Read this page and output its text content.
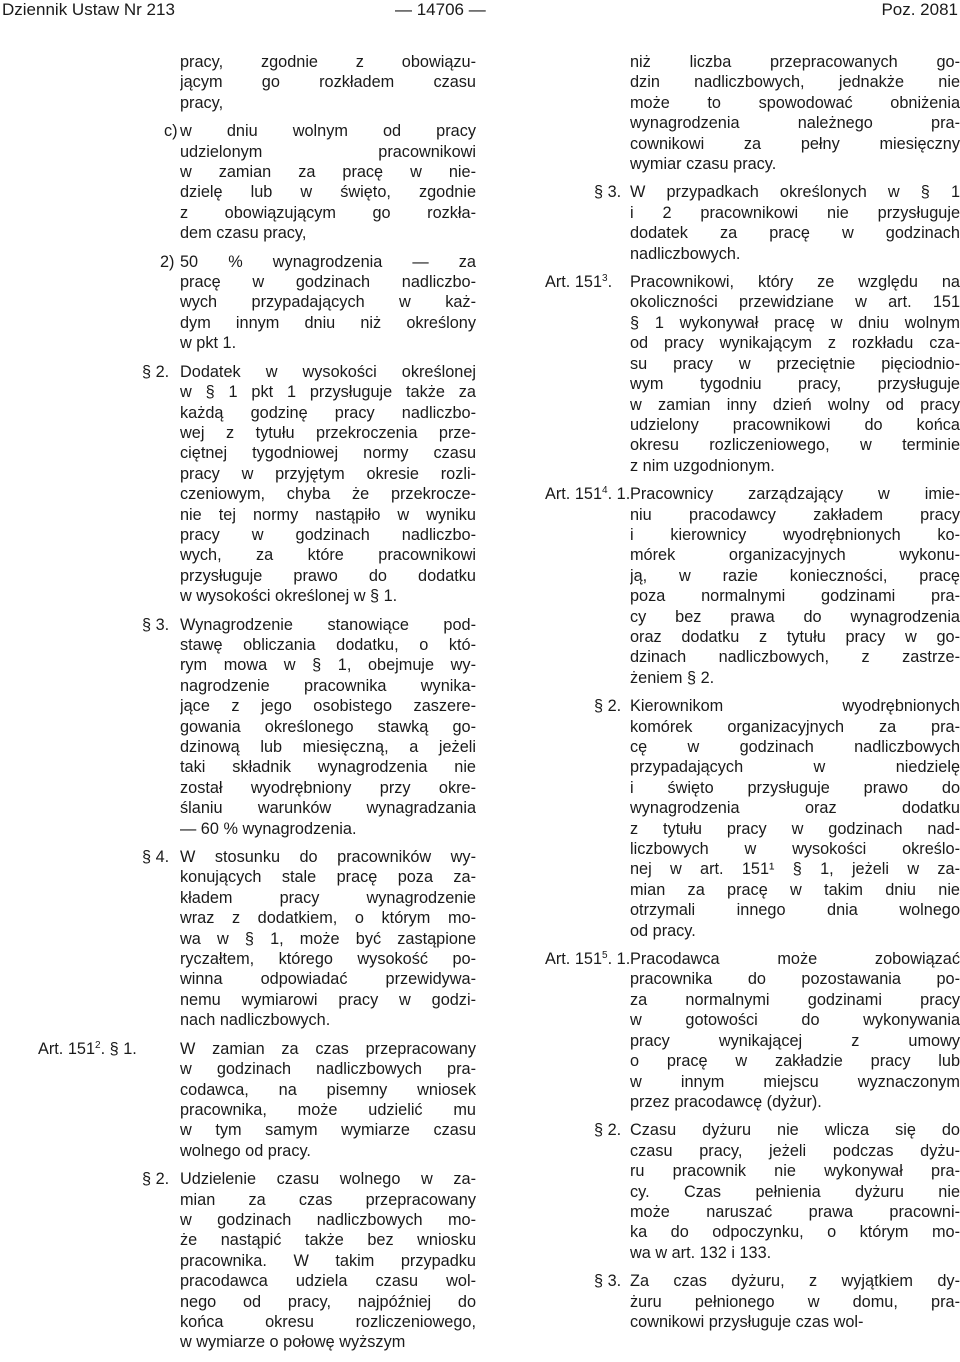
Dziennik Ustaw Nr 213	— 14706 —	Poz. 2081
pracy, zgodnie z obowiązu-
jącym go rozkładem czasu
pracy,
c) w dniu wolnym od pracy
udzielonym pracownikowi
w zamian za pracę w nie-
dzielę lub w święto, zgodnie
z obowiązującym go rozkła-
dem czasu pracy,
2) 50 % wynagrodzenia — za
pracę w godzinach nadliczbo-
wych przypadających w każ-
dym innym dniu niż określony
w pkt 1.
§ 2. Dodatek w wysokości określonej
w § 1 pkt 1 przysługuje także za
każdą godzinę pracy nadliczbo-
wej z tytułu przekroczenia prze-
ciętnej tygodniowej normy czasu
pracy w przyjętym okresie rozli-
czeniowym, chyba że przekrocze-
nie tej normy nastąpiło w wyniku
pracy w godzinach nadliczbo-
wych, za które pracownikowi
przysługuje prawo do dodatku
w wysokości określonej w § 1.
§ 3. Wynagrodzenie stanowiące pod-
stawę obliczania dodatku, o któ-
rym mowa w § 1, obejmuje wy-
nagrodzenie pracownika wynika-
jące z jego osobistego zaszere-
gowania określonego stawką go-
dzinową lub miesięczną, a jeżeli
taki składnik wynagrodzenia nie
został wyodrębniony przy okre-
ślaniu warunków wynagradzania
— 60 % wynagrodzenia.
§ 4. W stosunku do pracowników wy-
konujących stale pracę poza za-
kładem pracy wynagrodzenie
wraz z dodatkiem, o którym mo-
wa w § 1, może być zastąpione
ryczałtem, którego wysokość po-
winna odpowiadać przewidywa-
nemu wymiarowi pracy w godzi-
nach nadliczbowych.
Art. $151^2$. § 1.	W zamian za czas przepracowany
w godzinach nadliczbowych pra-
codawca, na pisemny wniosek
pracownika, może udzielić mu
w tym samym wymiarze czasu
wolnego od pracy.
§ 2. Udzielenie czasu wolnego w za-
mian za czas przepracowany
w godzinach nadliczbowych mo-
że nastąpić także bez wniosku
pracownika. W takim przypadku
pracodawca udziela czasu wol-
nego od pracy, najpóźniej do
końca okresu rozliczeniowego,
w wymiarze o połowę wyższym
niż liczba przepracowanych go-
dzin nadliczbowych, jednakże nie
może to spowodować obniżenia
wynagrodzenia należnego pra-
cownikowi za pełny miesięczny
wymiar czasu pracy.
§ 3. W przypadkach określonych w § 1
i 2 pracownikowi nie przysługuje
dodatek za pracę w godzinach
nadliczbowych.
Art. $151^3$. Pracownikowi, który ze względu na
okoliczności przewidziane w art. 151
§ 1 wykonywał pracę w dniu wolnym
od pracy wynikającym z rozkładu cza-
su pracy w przeciętnie pięciodnio-
wym tygodniu pracy, przysługuje
w zamian inny dzień wolny od pracy
udzielony pracownikowi do końca
okresu rozliczeniowego, w terminie
z nim uzgodnionym.
Art. $151^4$. 1. Pracownicy zarządzający w imie-
niu pracodawcy zakładem pracy
i kierownicy wyodrębnionych ko-
mórek organizacyjnych wykonu-
ją, w razie konieczności, pracę
poza normalnymi godzinami pra-
cy bez prawa do wynagrodzenia
oraz dodatku z tytułu pracy w go-
dzinach nadliczbowych, z zastrze-
żeniem § 2.
§ 2. Kierownikom wyodrębnionych
komórek organizacyjnych za pra-
cę w godzinach nadliczbowych
przypadających w niedzielę
i święto przysługuje prawo do
wynagrodzenia oraz dodatku
z tytułu pracy w godzinach nad-
liczbowych w wysokości określo-
nej w art. 151¹ § 1, jeżeli w za-
mian za pracę w takim dniu nie
otrzymali innego dnia wolnego
od pracy.
Art. $151^5$. 1. Pracodawca może zobowiązać
pracownika do pozostawania po-
za normalnymi godzinami pracy
w gotowości do wykonywania
pracy wynikającej z umowy
o pracę w zakładzie pracy lub
w innym miejscu wyznaczonym
przez pracodawcę (dyżur).
§ 2. Czasu dyżuru nie wlicza się do
czasu pracy, jeżeli podczas dyżu-
ru pracownik nie wykonywał pra-
cy. Czas pełnienia dyżuru nie
może naruszać prawa pracowni-
ka do odpoczynku, o którym mo-
wa w art. 132 i 133.
§ 3. Za czas dyżuru, z wyjątkiem dy-
żuru pełnionego w domu, pra-
cownikowi przysługuje czas wol-
